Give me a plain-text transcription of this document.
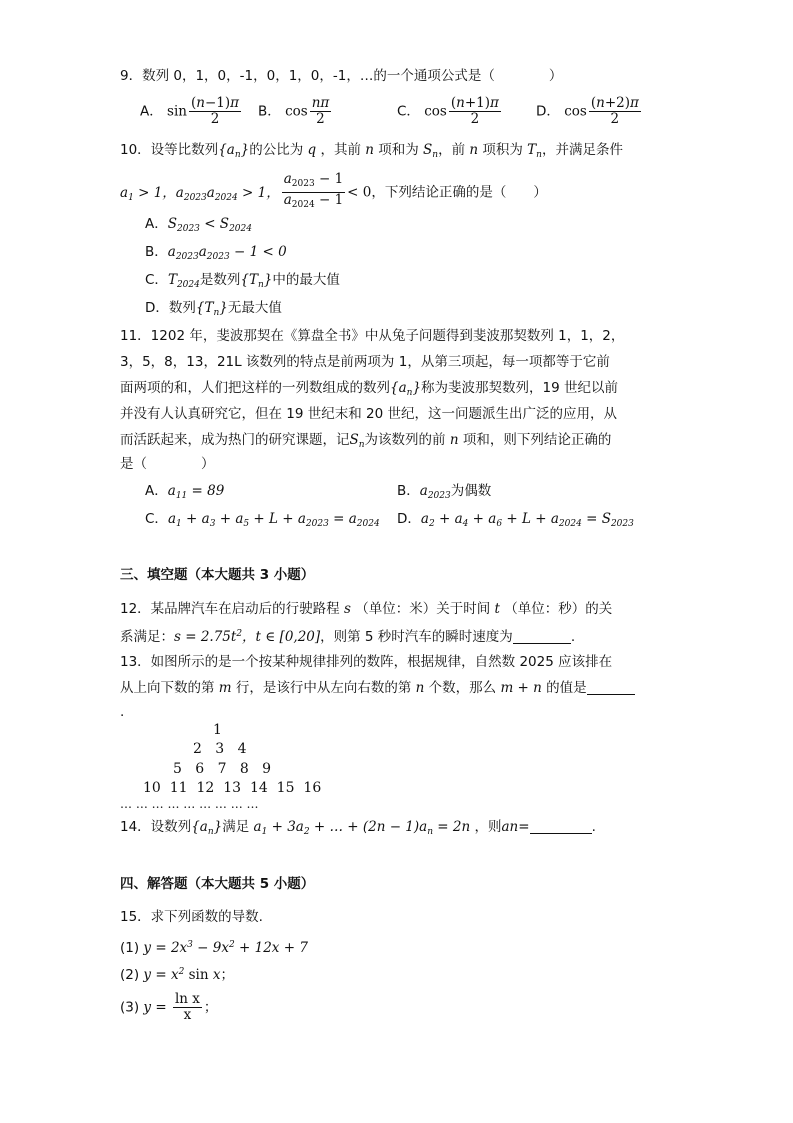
9．数列 0，1，0，-1，0，1，0，-1，…的一个通项公式是（　　　　）
A． $\sin \frac{(n-1)\pi}{2}$ B． $\cos \frac{n\pi}{2}$	C． $\cos \frac{(n+1)\pi}{2}$	D． $\cos \frac{(n+2)\pi}{2}$
10．设等比数列$\{a_n\}$的公比为 q ，其前 n 项和为 $S_n$，前 n 项积为 $T_n$，并满足条件
$a_1 > 1$，$a_{2023}a_{2024} > 1$， $\frac{a_{2023} - 1}{a_{2024} - 1} < 0$，下列结论正确的是（　　）
A．$S_{2023} < S_{2024}$
B．$a_{2023}a_{2023} - 1 < 0$
C．$T_{2024}$是数列$\{T_n\}$中的最大值
D．数列$\{T_n\}$无最大值
11．1202 年，斐波那契在《算盘全书》中从兔子问题得到斐波那契数列 1，1，2，
3，5，8，13，21L 该数列的特点是前两项为 1，从第三项起，每一项都等于它前
面两项的和，人们把这样的一列数组成的数列$\{a_n\}$称为斐波那契数列，19 世纪以前
并没有人认真研究它，但在 19 世纪末和 20 世纪，这一问题派生出广泛的应用，从
而活跃起来，成为热门的研究课题，记$S_n$为该数列的前 n 项和，则下列结论正确的
是（　　　　）
A．$a_{11} = 89$	B．$a_{2023}$为偶数
C．$a_1 + a_3 + a_5 + L + a_{2023} = a_{2024}$ D．$a_2 + a_4 + a_6 + L + a_{2024} = S_{2023}$
三、填空题（本大题共 3 小题）
12．某品牌汽车在启动后的行驶路程 s （单位：米）关于时间 t （单位：秒）的关
系满足：$s = 2.75t^2$，t ∈ [0,20]，则第 5 秒时汽车的瞬时速度为	.
13．如图所示的是一个按某种规律排列的数阵，根据规律，自然数 2025 应该排在
从上向下数的第 m 行，是该行中从左向右数的第 n 个数，那么 m + n 的值是
.
1
2 3 4
5 6 7 8 9
10 11 12 13 14 15 16
… … … … … … … … …
14．设数列$\{a_n\}$满足 $a_1 + 3a_2$ + … + $(2n - 1)a_n = 2n$ ，则an=	.
四、解答题（本大题共 5 小题）
15．求下列函数的导数.
(1) $y = 2x^3 - 9x^2 + 12x + 7$
(2) $y = x^2$ sin x；
(3) $y = \frac{\text{ln x}}{x}$ ；
